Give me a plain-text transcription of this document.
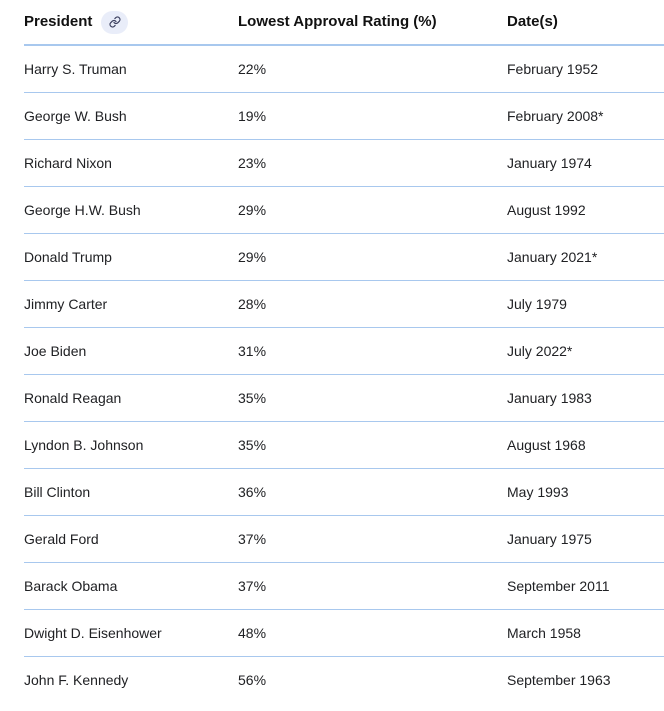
President	Lowest Approval Rating (%)	Date(s)
Harry S. Truman	22%	February 1952
George W. Bush	19%	February 2008*
Richard Nixon	23%	January 1974
George H.W. Bush	29%	August 1992
Donald Trump	29%	January 2021*
Jimmy Carter	28%	July 1979
Joe Biden	31%	July 2022*
Ronald Reagan	35%	January 1983
Lyndon B. Johnson	35%	August 1968
Bill Clinton	36%	May 1993
Gerald Ford	37%	January 1975
Barack Obama	37%	September 2011
Dwight D. Eisenhower	48%	March 1958
John F. Kennedy	56%	September 1963
